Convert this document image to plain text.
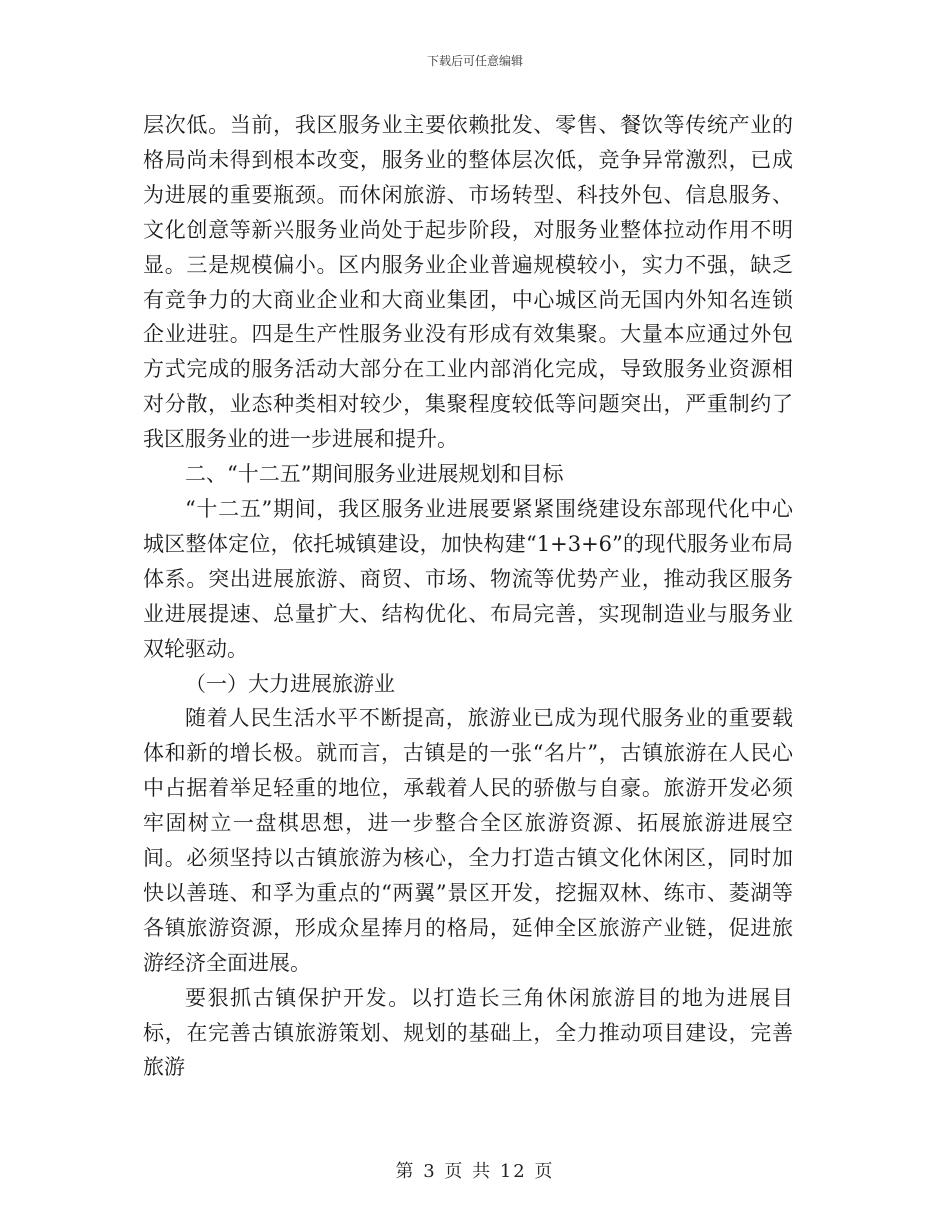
下载后可任意编辑

层次低。当前，我区服务业主要依赖批发、零售、餐饮等传统产业的格局尚未得到根本改变，服务业的整体层次低，竞争异常激烈，已成为进展的重要瓶颈。而休闲旅游、市场转型、科技外包、信息服务、文化创意等新兴服务业尚处于起步阶段，对服务业整体拉动作用不明显。三是规模偏小。区内服务业企业普遍规模较小，实力不强，缺乏有竞争力的大商业企业和大商业集团，中心城区尚无国内外知名连锁企业进驻。四是生产性服务业没有形成有效集聚。大量本应通过外包方式完成的服务活动大部分在工业内部消化完成，导致服务业资源相对分散，业态种类相对较少，集聚程度较低等问题突出，严重制约了我区服务业的进一步进展和提升。

二、“十二五”期间服务业进展规划和目标

“十二五”期间，我区服务业进展要紧紧围绕建设东部现代化中心城区整体定位，依托城镇建设，加快构建“1+3+6”的现代服务业布局体系。突出进展旅游、商贸、市场、物流等优势产业，推动我区服务业进展提速、总量扩大、结构优化、布局完善，实现制造业与服务业双轮驱动。

（一）大力进展旅游业

随着人民生活水平不断提高，旅游业已成为现代服务业的重要载体和新的增长极。就而言，古镇是的一张“名片”，古镇旅游在人民心中占据着举足轻重的地位，承载着人民的骄傲与自豪。旅游开发必须牢固树立一盘棋思想，进一步整合全区旅游资源、拓展旅游进展空间。必须坚持以古镇旅游为核心，全力打造古镇文化休闲区，同时加快以善琏、和孚为重点的“两翼”景区开发，挖掘双林、练市、菱湖等各镇旅游资源，形成众星捧月的格局，延伸全区旅游产业链，促进旅游经济全面进展。

要狠抓古镇保护开发。以打造长三角休闲旅游目的地为进展目标，在完善古镇旅游策划、规划的基础上，全力推动项目建设，完善旅游

第 3 页 共 12 页
